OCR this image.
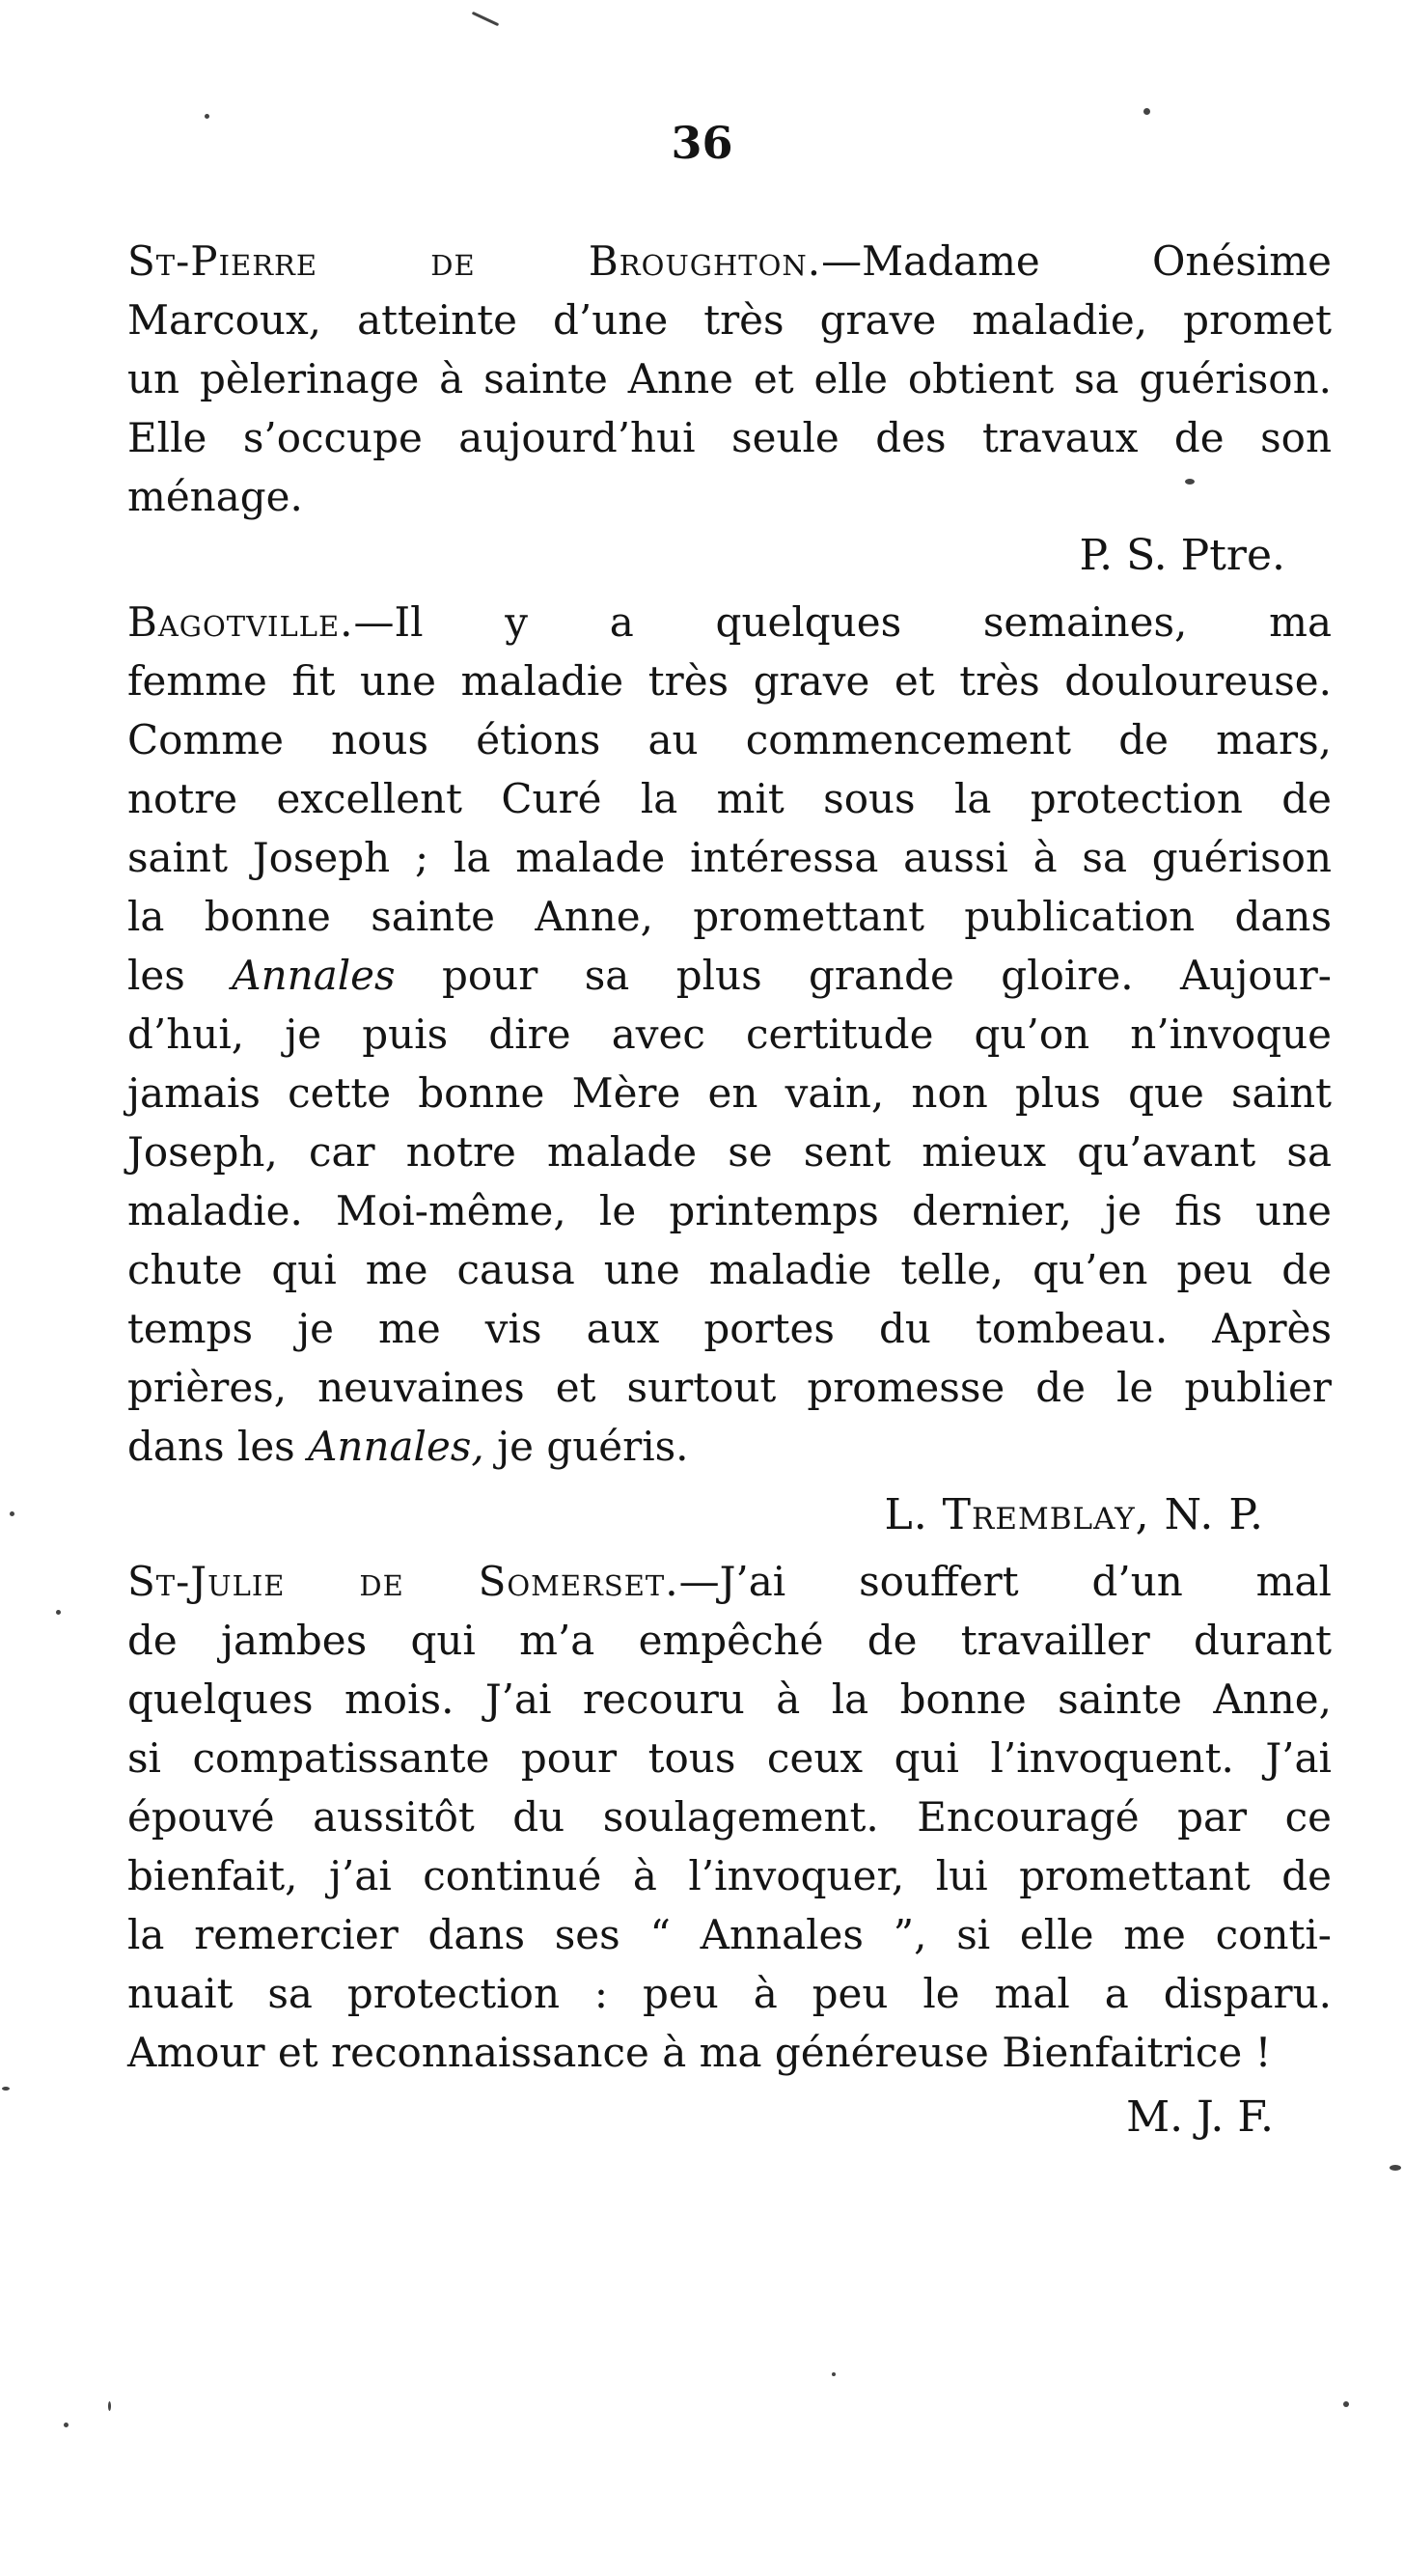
36
St-Pierre de Broughton.—Madame Onésime
Marcoux, atteinte d’une très grave maladie, promet
un pèlerinage à sainte Anne et elle obtient sa guérison.
Elle s’occupe aujourd’hui seule des travaux de son
ménage.
P. S. Ptre.
Bagotville.—Il y a quelques semaines, ma
femme fit une maladie très grave et très douloureuse.
Comme nous étions au commencement de mars,
notre excellent Curé la mit sous la protection de
saint Joseph ; la malade intéressa aussi à sa guérison
la bonne sainte Anne, promettant publication dans
les Annales pour sa plus grande gloire. Aujour-
d’hui, je puis dire avec certitude qu’on n’invoque
jamais cette bonne Mère en vain, non plus que saint
Joseph, car notre malade se sent mieux qu’avant sa
maladie. Moi-même, le printemps dernier, je fis une
chute qui me causa une maladie telle, qu’en peu de
temps je me vis aux portes du tombeau. Après
prières, neuvaines et surtout promesse de le publier
dans les Annales, je guéris.
L. Tremblay, N. P.
St-Julie de Somerset.—J’ai souffert d’un mal
de jambes qui m’a empêché de travailler durant
quelques mois. J’ai recouru à la bonne sainte Anne,
si compatissante pour tous ceux qui l’invoquent. J’ai
épouvé aussitôt du soulagement. Encouragé par ce
bienfait, j’ai continué à l’invoquer, lui promettant de
la remercier dans ses “ Annales ”, si elle me conti-
nuait sa protection : peu à peu le mal a disparu.
Amour et reconnaissance à ma généreuse Bienfaitrice !
M. J. F.
